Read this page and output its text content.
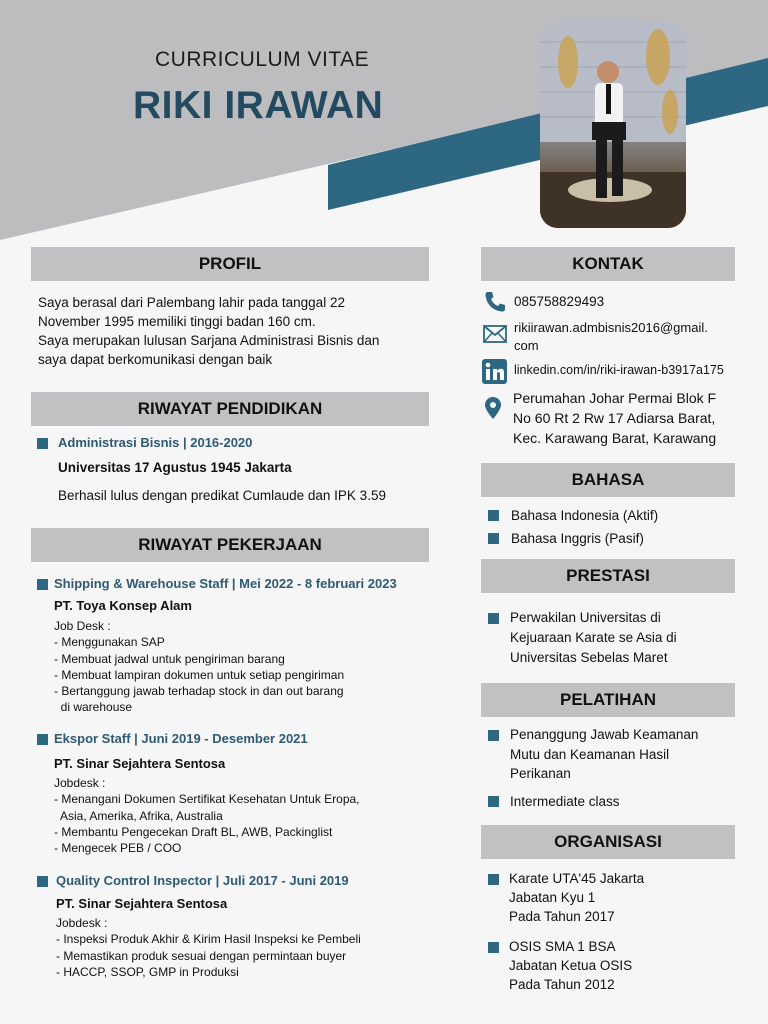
CURRICULUM VITAE
RIKI IRAWAN
PROFIL
Saya berasal dari Palembang lahir pada tanggal 22
November 1995 memiliki tinggi badan 160 cm.
Saya merupakan lulusan Sarjana Administrasi Bisnis dan
saya dapat berkomunikasi dengan baik
RIWAYAT PENDIDIKAN
Administrasi Bisnis | 2016-2020
Universitas 17 Agustus 1945 Jakarta
Berhasil lulus dengan predikat Cumlaude dan IPK 3.59
RIWAYAT PEKERJAAN
Shipping & Warehouse Staff | Mei 2022 - 8 februari 2023
PT. Toya Konsep Alam
Job Desk :
- Menggunakan SAP
- Membuat jadwal untuk pengiriman barang
- Membuat lampiran dokumen untuk setiap pengiriman
- Bertanggung jawab terhadap stock in dan out barang
di warehouse
Ekspor Staff | Juni 2019 - Desember 2021
PT. Sinar Sejahtera Sentosa
Jobdesk :
- Menangani Dokumen Sertifikat Kesehatan Untuk Eropa,
Asia, Amerika, Afrika, Australia
- Membantu Pengecekan Draft BL, AWB, Packinglist
- Mengecek PEB / COO
Quality Control Inspector | Juli 2017 - Juni 2019
PT. Sinar Sejahtera Sentosa
Jobdesk :
- Inspeksi Produk Akhir & Kirim Hasil Inspeksi ke Pembeli
- Memastikan produk sesuai dengan permintaan buyer
- HACCP, SSOP, GMP in Produksi
KONTAK
085758829493
rikiirawan.admbisnis2016@gmail.
com
linkedin.com/in/riki-irawan-b3917a175
Perumahan Johar Permai Blok F
No 60 Rt 2 Rw 17 Adiarsa Barat,
Kec. Karawang Barat, Karawang
BAHASA
Bahasa Indonesia (Aktif)
Bahasa Inggris (Pasif)
PRESTASI
Perwakilan Universitas di
Kejuaraan Karate se Asia di
Universitas Sebelas Maret
PELATIHAN
Penanggung Jawab Keamanan
Mutu dan Keamanan Hasil
Perikanan
Intermediate class
ORGANISASI
Karate UTA'45 Jakarta
Jabatan Kyu 1
Pada Tahun 2017
OSIS SMA 1 BSA
Jabatan Ketua OSIS
Pada Tahun 2012
